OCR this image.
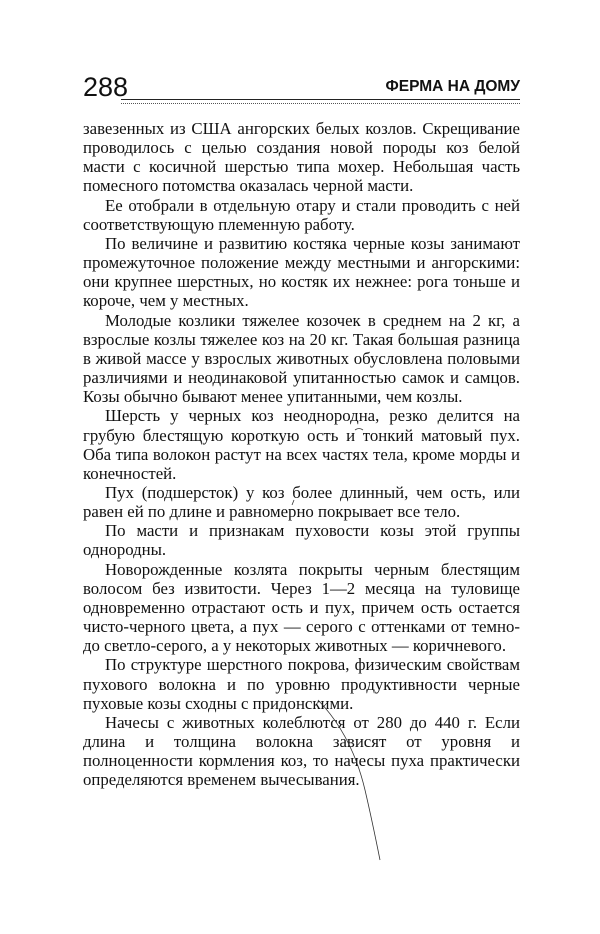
288	ФЕРМА НА ДОМУ

завезенных из США ангорских белых козлов. Скрещивание проводилось с целью создания новой породы коз белой масти с косичной шерстью типа мохер. Небольшая часть помесного потомства оказалась черной масти.

Ее отобрали в отдельную отару и стали проводить с ней соответствующую племенную работу.

По величине и развитию костяка черные козы занимают промежуточное положение между местными и ангорскими: они крупнее шерстных, но костяк их нежнее: рога тоньше и короче, чем у местных.

Молодые козлики тяжелее козочек в среднем на 2 кг, а взрослые козлы тяжелее коз на 20 кг. Такая большая разница в живой массе у взрослых животных обусловлена половыми различиями и неодинаковой упитанностью самок и самцов. Козы обычно бывают менее упитанными, чем козлы.

Шерсть у черных коз неоднородна, резко делится на грубую блестящую короткую ость и тонкий матовый пух. Оба типа волокон растут на всех частях тела, кроме морды и конечностей.

Пух (подшерсток) у коз более длинный, чем ость, или равен ей по длине и равномерно покрывает все тело.

По масти и признакам пуховости козы этой группы однородны.

Новорожденные козлята покрыты черным блестящим волосом без извитости. Через 1—2 месяца на туловище одновременно отрастают ость и пух, причем ость остается чисто-черного цвета, а пух — серого с оттенками от темно- до светло-серого, а у некоторых животных — коричневого.

По структуре шерстного покрова, физическим свойствам пухового волокна и по уровню продуктивности черные пуховые козы сходны с придонскими.

Начесы с животных колеблются от 280 до 440 г. Если длина и толщина волокна зависят от уровня и полноценности кормления коз, то начесы пуха практически определяются временем вычесывания.
